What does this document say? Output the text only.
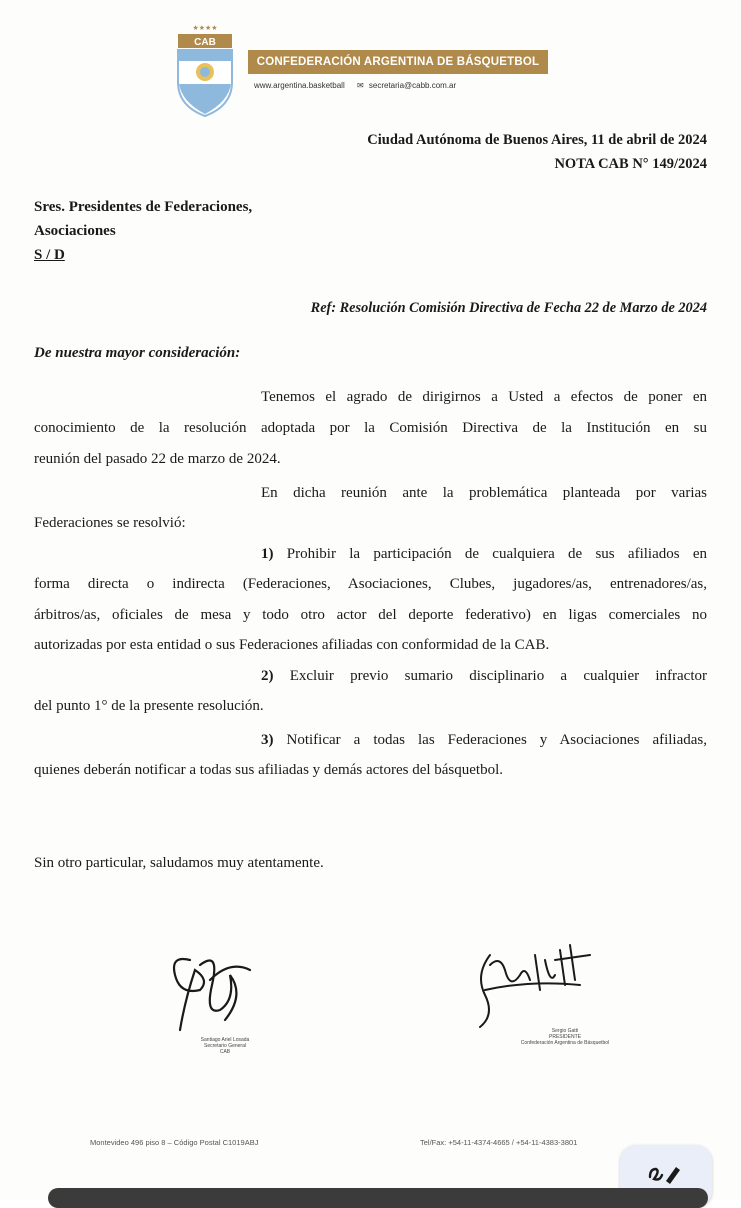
★★★★
CAB
CONFEDERACIÓN ARGENTINA DE BÁSQUETBOL
www.argentina.basketball ✉ secretaria@cabb.com.ar
Ciudad Autónoma de Buenos Aires, 11 de abril de 2024
NOTA CAB N° 149/2024
Sres. Presidentes de Federaciones,
Asociaciones
S / D
Ref: Resolución Comisión Directiva de Fecha 22 de Marzo de 2024
De nuestra mayor consideración:
Tenemos el agrado de dirigirnos a Usted a efectos de poner en
conocimiento de la resolución adoptada por la Comisión Directiva de la Institución en su
reunión del pasado 22 de marzo de 2024.
En dicha reunión ante la problemática planteada por varias
Federaciones se resolvió:
1) Prohibir la participación de cualquiera de sus afiliados en
forma directa o indirecta (Federaciones, Asociaciones, Clubes, jugadores/as, entrenadores/as,
árbitros/as, oficiales de mesa y todo otro actor del deporte federativo) en ligas comerciales no
autorizadas por esta entidad o sus Federaciones afiliadas con conformidad de la CAB.
2) Excluir previo sumario disciplinario a cualquier infractor
del punto 1° de la presente resolución.
3) Notificar a todas las Federaciones y Asociaciones afiliadas,
quienes deberán notificar a todas sus afiliadas y demás actores del básquetbol.
Sin otro particular, saludamos muy atentamente.
Santiago Ariel Losada
Secretario General
CAB
Sergio Gatti
PRESIDENTE
Confederación Argentina de Básquetbol
Montevideo 496 piso 8 – Código Postal C1019ABJ	Tel/Fax: +54-11-4374-4665 / +54-11-4383-3801
